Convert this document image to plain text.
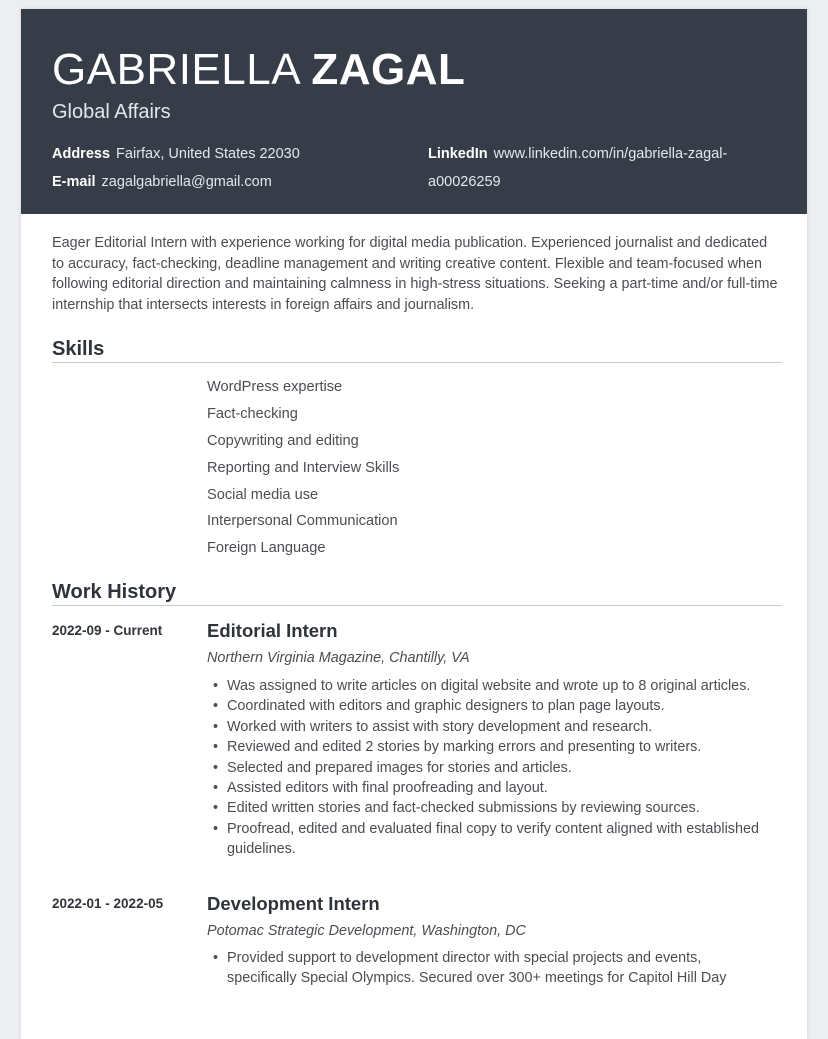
GABRIELLA ZAGAL
Global Affairs
Address Fairfax, United States 22030
E-mail zagalgabriella@gmail.com
LinkedIn www.linkedin.com/in/gabriella-zagal-
a00026259
Eager Editorial Intern with experience working for digital media publication. Experienced journalist and dedicated to accuracy, fact-checking, deadline management and writing creative content. Flexible and team-focused when following editorial direction and maintaining calmness in high-stress situations. Seeking a part-time and/or full-time internship that intersects interests in foreign affairs and journalism.
Skills
WordPress expertise
Fact-checking
Copywriting and editing
Reporting and Interview Skills
Social media use
Interpersonal Communication
Foreign Language
Work History
2022-09 - Current Editorial Intern
Northern Virginia Magazine, Chantilly, VA
• Was assigned to write articles on digital website and wrote up to 8 original articles.
• Coordinated with editors and graphic designers to plan page layouts.
• Worked with writers to assist with story development and research.
• Reviewed and edited 2 stories by marking errors and presenting to writers.
• Selected and prepared images for stories and articles.
• Assisted editors with final proofreading and layout.
• Edited written stories and fact-checked submissions by reviewing sources.
• Proofread, edited and evaluated final copy to verify content aligned with established guidelines.
2022-01 - 2022-05 Development Intern
Potomac Strategic Development, Washington, DC
• Provided support to development director with special projects and events, specifically Special Olympics. Secured over 300+ meetings for Capitol Hill Day
